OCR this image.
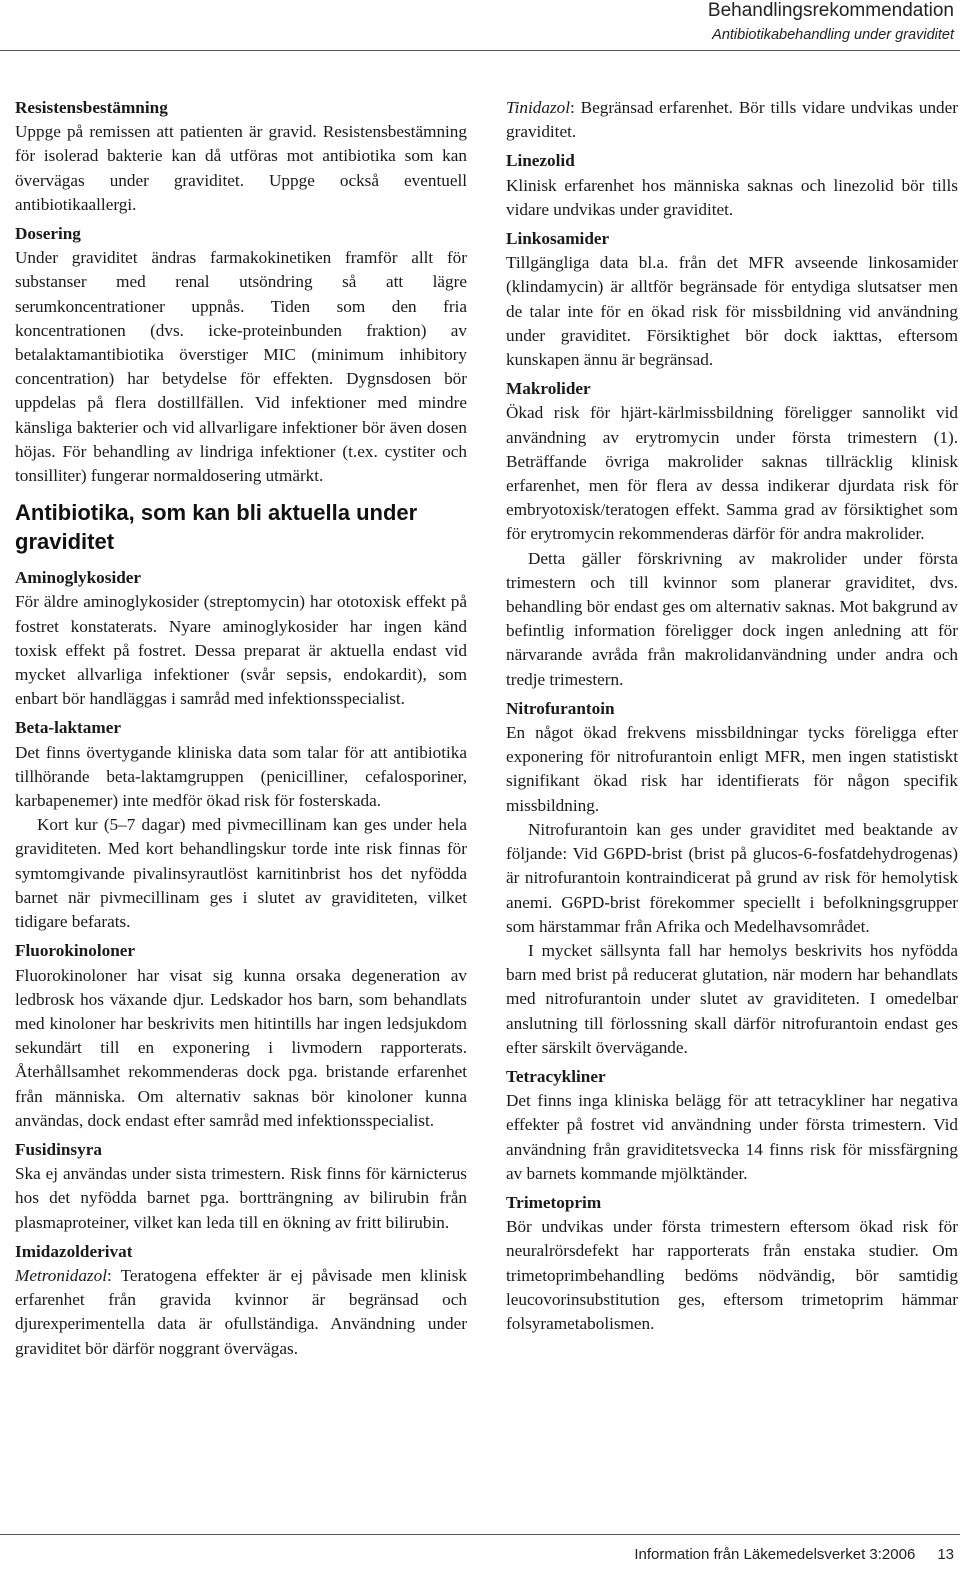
Behandlingsrekommendation
Antibiotikabehandling under graviditet
Resistensbestämning

Uppge på remissen att patienten är gravid. Resistensbestämning för isolerad bakterie kan då utföras mot antibiotika som kan övervägas under graviditet. Uppge också eventuell antibiotikaallergi.

Dosering

Under graviditet ändras farmakokinetiken framför allt för substanser med renal utsöndring så att lägre serumkoncentrationer uppnås. Tiden som den fria koncentrationen (dvs. icke-proteinbunden fraktion) av betalaktamantibiotika överstiger MIC (minimum inhibitory concentration) har betydelse för effekten. Dygnsdosen bör uppdelas på flera dostillfällen. Vid infektioner med mindre känsliga bakterier och vid allvarligare infektioner bör även dosen höjas. För behandling av lindriga infektioner (t.ex. cystiter och tonsilliter) fungerar normaldosering utmärkt.

Antibiotika, som kan bli aktuella under graviditet
Aminoglykosider

För äldre aminoglykosider (streptomycin) har ototoxisk effekt på fostret konstaterats. Nyare aminoglykosider har ingen känd toxisk effekt på fostret. Dessa preparat är aktuella endast vid mycket allvarliga infektioner (svår sepsis, endokardit), som enbart bör handläggas i samråd med infektionsspecialist.

Beta-laktamer

Det finns övertygande kliniska data som talar för att antibiotika tillhörande beta-laktamgruppen (penicilliner, cefalosporiner, karbapenemer) inte medför ökad risk för fosterskada.

Kort kur (5–7 dagar) med pivmecillinam kan ges under hela graviditeten. Med kort behandlingskur torde inte risk finnas för symtomgivande pivalinsyrautlöst karnitinbrist hos det nyfödda barnet när pivmecillinam ges i slutet av graviditeten, vilket tidigare befarats.

Fluorokinoloner

Fluorokinoloner har visat sig kunna orsaka degeneration av ledbrosk hos växande djur. Ledskador hos barn, som behandlats med kinoloner har beskrivits men hitintills har ingen ledsjukdom sekundärt till en exponering i livmodern rapporterats. Återhållsamhet rekommenderas dock pga. bristande erfarenhet från människa. Om alternativ saknas bör kinoloner kunna användas, dock endast efter samråd med infektionsspecialist.

Fusidinsyra

Ska ej användas under sista trimestern. Risk finns för kärnicterus hos det nyfödda barnet pga. bortträngning av bilirubin från plasmaproteiner, vilket kan leda till en ökning av fritt bilirubin.

Imidazolderivat

Metronidazol: Teratogena effekter är ej påvisade men klinisk erfarenhet från gravida kvinnor är begränsad och djurexperimentella data är ofullständiga. Användning under graviditet bör därför noggrant övervägas.

Tinidazol: Begränsad erfarenhet. Bör tills vidare undvikas under graviditet.

Linezolid

Klinisk erfarenhet hos människa saknas och linezolid bör tills vidare undvikas under graviditet.

Linkosamider

Tillgängliga data bl.a. från det MFR avseende linkosamider (klindamycin) är alltför begränsade för entydiga slutsatser men de talar inte för en ökad risk för missbildning vid användning under graviditet. Försiktighet bör dock iakttas, eftersom kunskapen ännu är begränsad.

Makrolider

Ökad risk för hjärt-kärlmissbildning föreligger sannolikt vid användning av erytromycin under första trimestern (1). Beträffande övriga makrolider saknas tillräcklig klinisk erfarenhet, men för flera av dessa indikerar djurdata risk för embryotoxisk/teratogen effekt. Samma grad av försiktighet som för erytromycin rekommenderas därför för andra makrolider.

Detta gäller förskrivning av makrolider under första trimestern och till kvinnor som planerar graviditet, dvs. behandling bör endast ges om alternativ saknas. Mot bakgrund av befintlig information föreligger dock ingen anledning att för närvarande avråda från makrolidanvändning under andra och tredje trimestern.

Nitrofurantoin

En något ökad frekvens missbildningar tycks föreligga efter exponering för nitrofurantoin enligt MFR, men ingen statistiskt signifikant ökad risk har identifierats för någon specifik missbildning.

Nitrofurantoin kan ges under graviditet med beaktande av följande: Vid G6PD-brist (brist på glucos-6-fosfatdehydrogenas) är nitrofurantoin kontraindicerat på grund av risk för hemolytisk anemi. G6PD-brist förekommer speciellt i befolkningsgrupper som härstammar från Afrika och Medelhavsområdet.

I mycket sällsynta fall har hemolys beskrivits hos nyfödda barn med brist på reducerat glutation, när modern har behandlats med nitrofurantoin under slutet av graviditeten. I omedelbar anslutning till förlossning skall därför nitrofurantoin endast ges efter särskilt övervägande.

Tetracykliner

Det finns inga kliniska belägg för att tetracykliner har negativa effekter på fostret vid användning under första trimestern. Vid användning från graviditetsvecka 14 finns risk för missfärgning av barnets kommande mjölktänder.

Trimetoprim

Bör undvikas under första trimestern eftersom ökad risk för neuralrörsdefekt har rapporterats från enstaka studier. Om trimetoprimbehandling bedöms nödvändig, bör samtidig leucovorinsubstitution ges, eftersom trimetoprim hämmar folsyrametabolismen.

Information från Läkemedelsverket 3:2006 13
